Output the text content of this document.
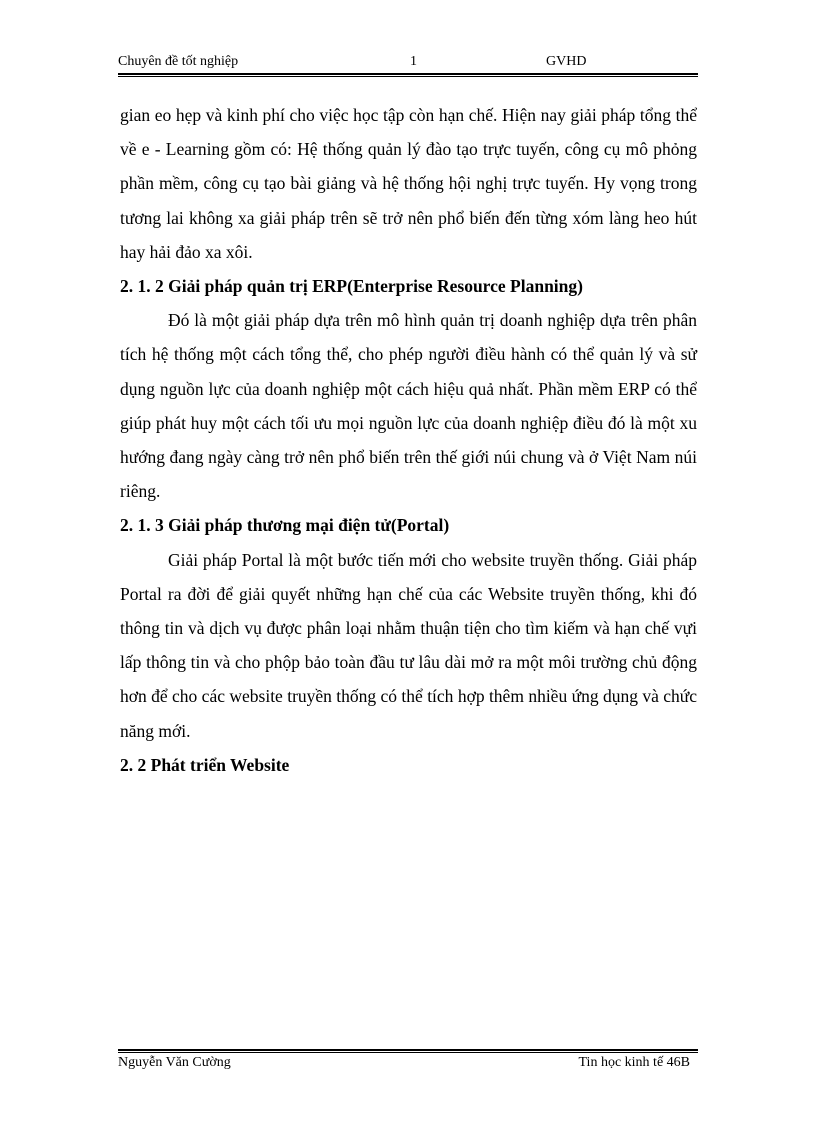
Chuyên đề tốt nghiệp	1	GVHD

gian eo hẹp và kinh phí cho việc học tập còn hạn chế. Hiện nay giải pháp tổng thể về e - Learning gồm có: Hệ thống quản lý đào tạo trực tuyến, công cụ mô phỏng phần mềm, công cụ tạo bài giảng và hệ thống hội nghị trực tuyến. Hy vọng trong tương lai không xa giải pháp trên sẽ trở nên phổ biến đến từng xóm làng heo hút hay hải đảo xa xôi.

2. 1. 2 Giải pháp quản trị ERP(Enterprise Resource Planning)

Đó là một giải pháp dựa trên mô hình quản trị doanh nghiệp dựa trên phân tích hệ thống một cách tổng thể, cho phép người điều hành có thể quản lý và sử dụng nguồn lực của doanh nghiệp một cách hiệu quả nhất. Phần mềm ERP có thể giúp phát huy một cách tối ưu mọi nguồn lực của doanh nghiệp điều đó là một xu hướng đang ngày càng trở nên phổ biến trên thế giới núi chung và ở Việt Nam núi riêng.

2. 1. 3 Giải pháp thương mại điện tử(Portal)

Giải pháp Portal là một bước tiến mới cho website truyền thống. Giải pháp Portal ra đời để giải quyết những hạn chế của các Website truyền thống, khi đó thông tin và dịch vụ được phân loại nhằm thuận tiện cho tìm kiếm và hạn chế vựi lấp thông tin và cho phộp bảo toàn đầu tư lâu dài mở ra một môi trường chủ động hơn để cho các website truyền thống có thể tích hợp thêm nhiều ứng dụng và chức năng mới.

2. 2 Phát triển Website

Nguyễn Văn Cường	Tin học kinh tế 46B
